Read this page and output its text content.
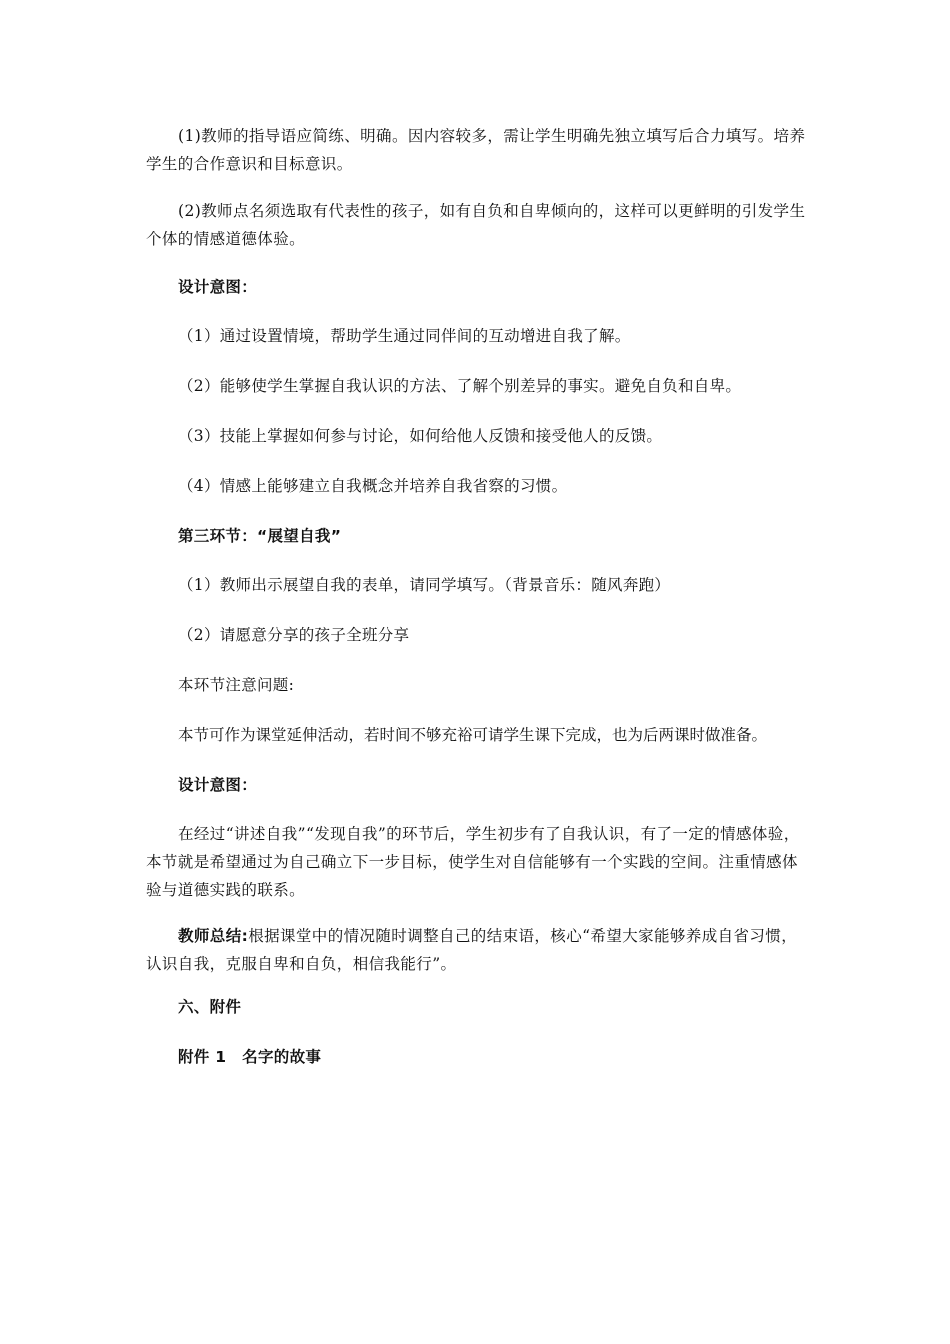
(1)教师的指导语应简练、明确。因内容较多，需让学生明确先独立填写后合力填写。培养学生的合作意识和目标意识。

(2)教师点名须选取有代表性的孩子，如有自负和自卑倾向的，这样可以更鲜明的引发学生个体的情感道德体验。

设计意图：

（1）通过设置情境，帮助学生通过同伴间的互动增进自我了解。

（2）能够使学生掌握自我认识的方法、了解个别差异的事实。避免自负和自卑。

（3）技能上掌握如何参与讨论，如何给他人反馈和接受他人的反馈。

（4）情感上能够建立自我概念并培养自我省察的习惯。

第三环节：“展望自我”

（1）教师出示展望自我的表单，请同学填写。（背景音乐：随风奔跑）

（2）请愿意分享的孩子全班分享

本环节注意问题:

本节可作为课堂延伸活动，若时间不够充裕可请学生课下完成，也为后两课时做准备。

设计意图：

在经过“讲述自我”“发现自我”的环节后，学生初步有了自我认识，有了一定的情感体验，本节就是希望通过为自己确立下一步目标，使学生对自信能够有一个实践的空间。注重情感体验与道德实践的联系。

教师总结:根据课堂中的情况随时调整自己的结束语，核心“希望大家能够养成自省习惯，认识自我，克服自卑和自负，相信我能行”。

六、附件

附件 1　名字的故事
